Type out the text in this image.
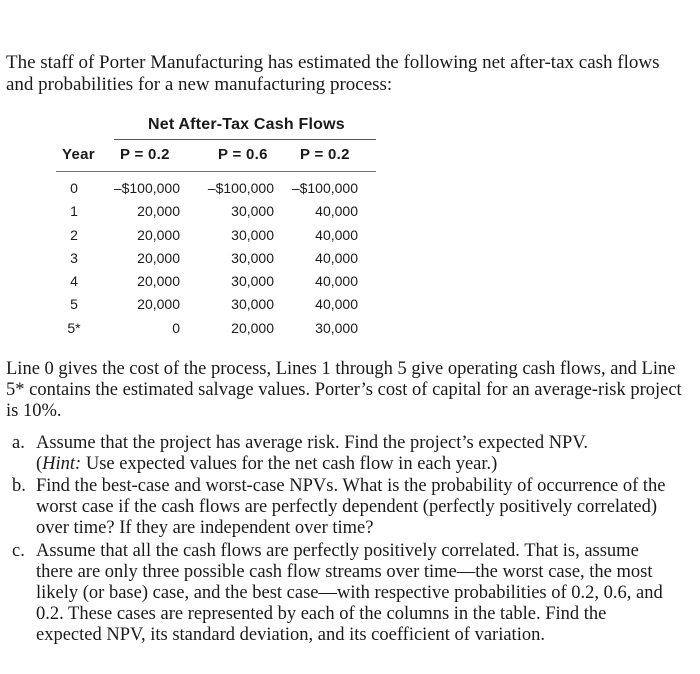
The staff of Porter Manufacturing has estimated the following net after-tax cash flows and probabilities for a new manufacturing process:
Net After-Tax Cash Flows
Year P = 0.2	P = 0.6 P = 0.2
0
1
2
3
4
5
5*
–$100,000
20,000
20,000
20,000
20,000
20,000
0
–$100,000
30,000
30,000
30,000
30,000
30,000
20,000
–$100,000
40,000
40,000
40,000
40,000
40,000
30,000
Line 0 gives the cost of the process, Lines 1 through 5 give operating cash flows, and Line 5* contains the estimated salvage values. Porter’s cost of capital for an average-risk project is 10%.
a. Assume that the project has average risk. Find the project’s expected NPV.
(Hint: Use expected values for the net cash flow in each year.)
b. Find the best-case and worst-case NPVs. What is the probability of occurrence of the worst case if the cash flows are perfectly dependent (perfectly positively correlated) over time? If they are independent over time?
c. Assume that all the cash flows are perfectly positively correlated. That is, assume there are only three possible cash flow streams over time—the worst case, the most likely (or base) case, and the best case—with respective probabilities of 0.2, 0.6, and 0.2. These cases are represented by each of the columns in the table. Find the expected NPV, its standard deviation, and its coefficient of variation.
